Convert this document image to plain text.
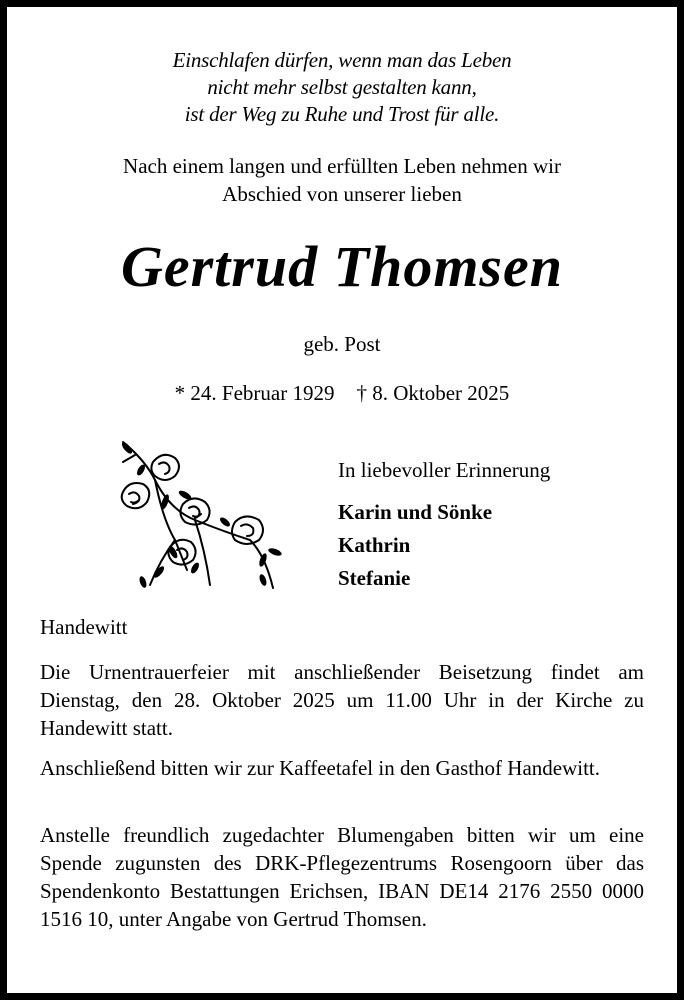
Einschlafen dürfen, wenn man das Leben
nicht mehr selbst gestalten kann,
ist der Weg zu Ruhe und Trost für alle.
Nach einem langen und erfüllten Leben nehmen wir
Abschied von unserer lieben
Gertrud Thomsen
geb. Post
* 24. Februar 1929 † 8. Oktober 2025
In liebevoller Erinnerung
Karin und Sönke
Kathrin
Stefanie
Handewitt
Die Urnentrauerfeier mit anschließender Beisetzung findet am Dienstag, den 28. Oktober 2025 um 11.00 Uhr in der Kirche zu Handewitt statt.
Anschließend bitten wir zur Kaffeetafel in den Gasthof Handewitt.
Anstelle freundlich zugedachter Blumengaben bitten wir um eine Spende zugunsten des DRK-Pflegezentrums Rosengoorn über das Spendenkonto Bestattungen Erichsen, IBAN DE14 2176 2550 0000 1516 10, unter Angabe von Gertrud Thomsen.
